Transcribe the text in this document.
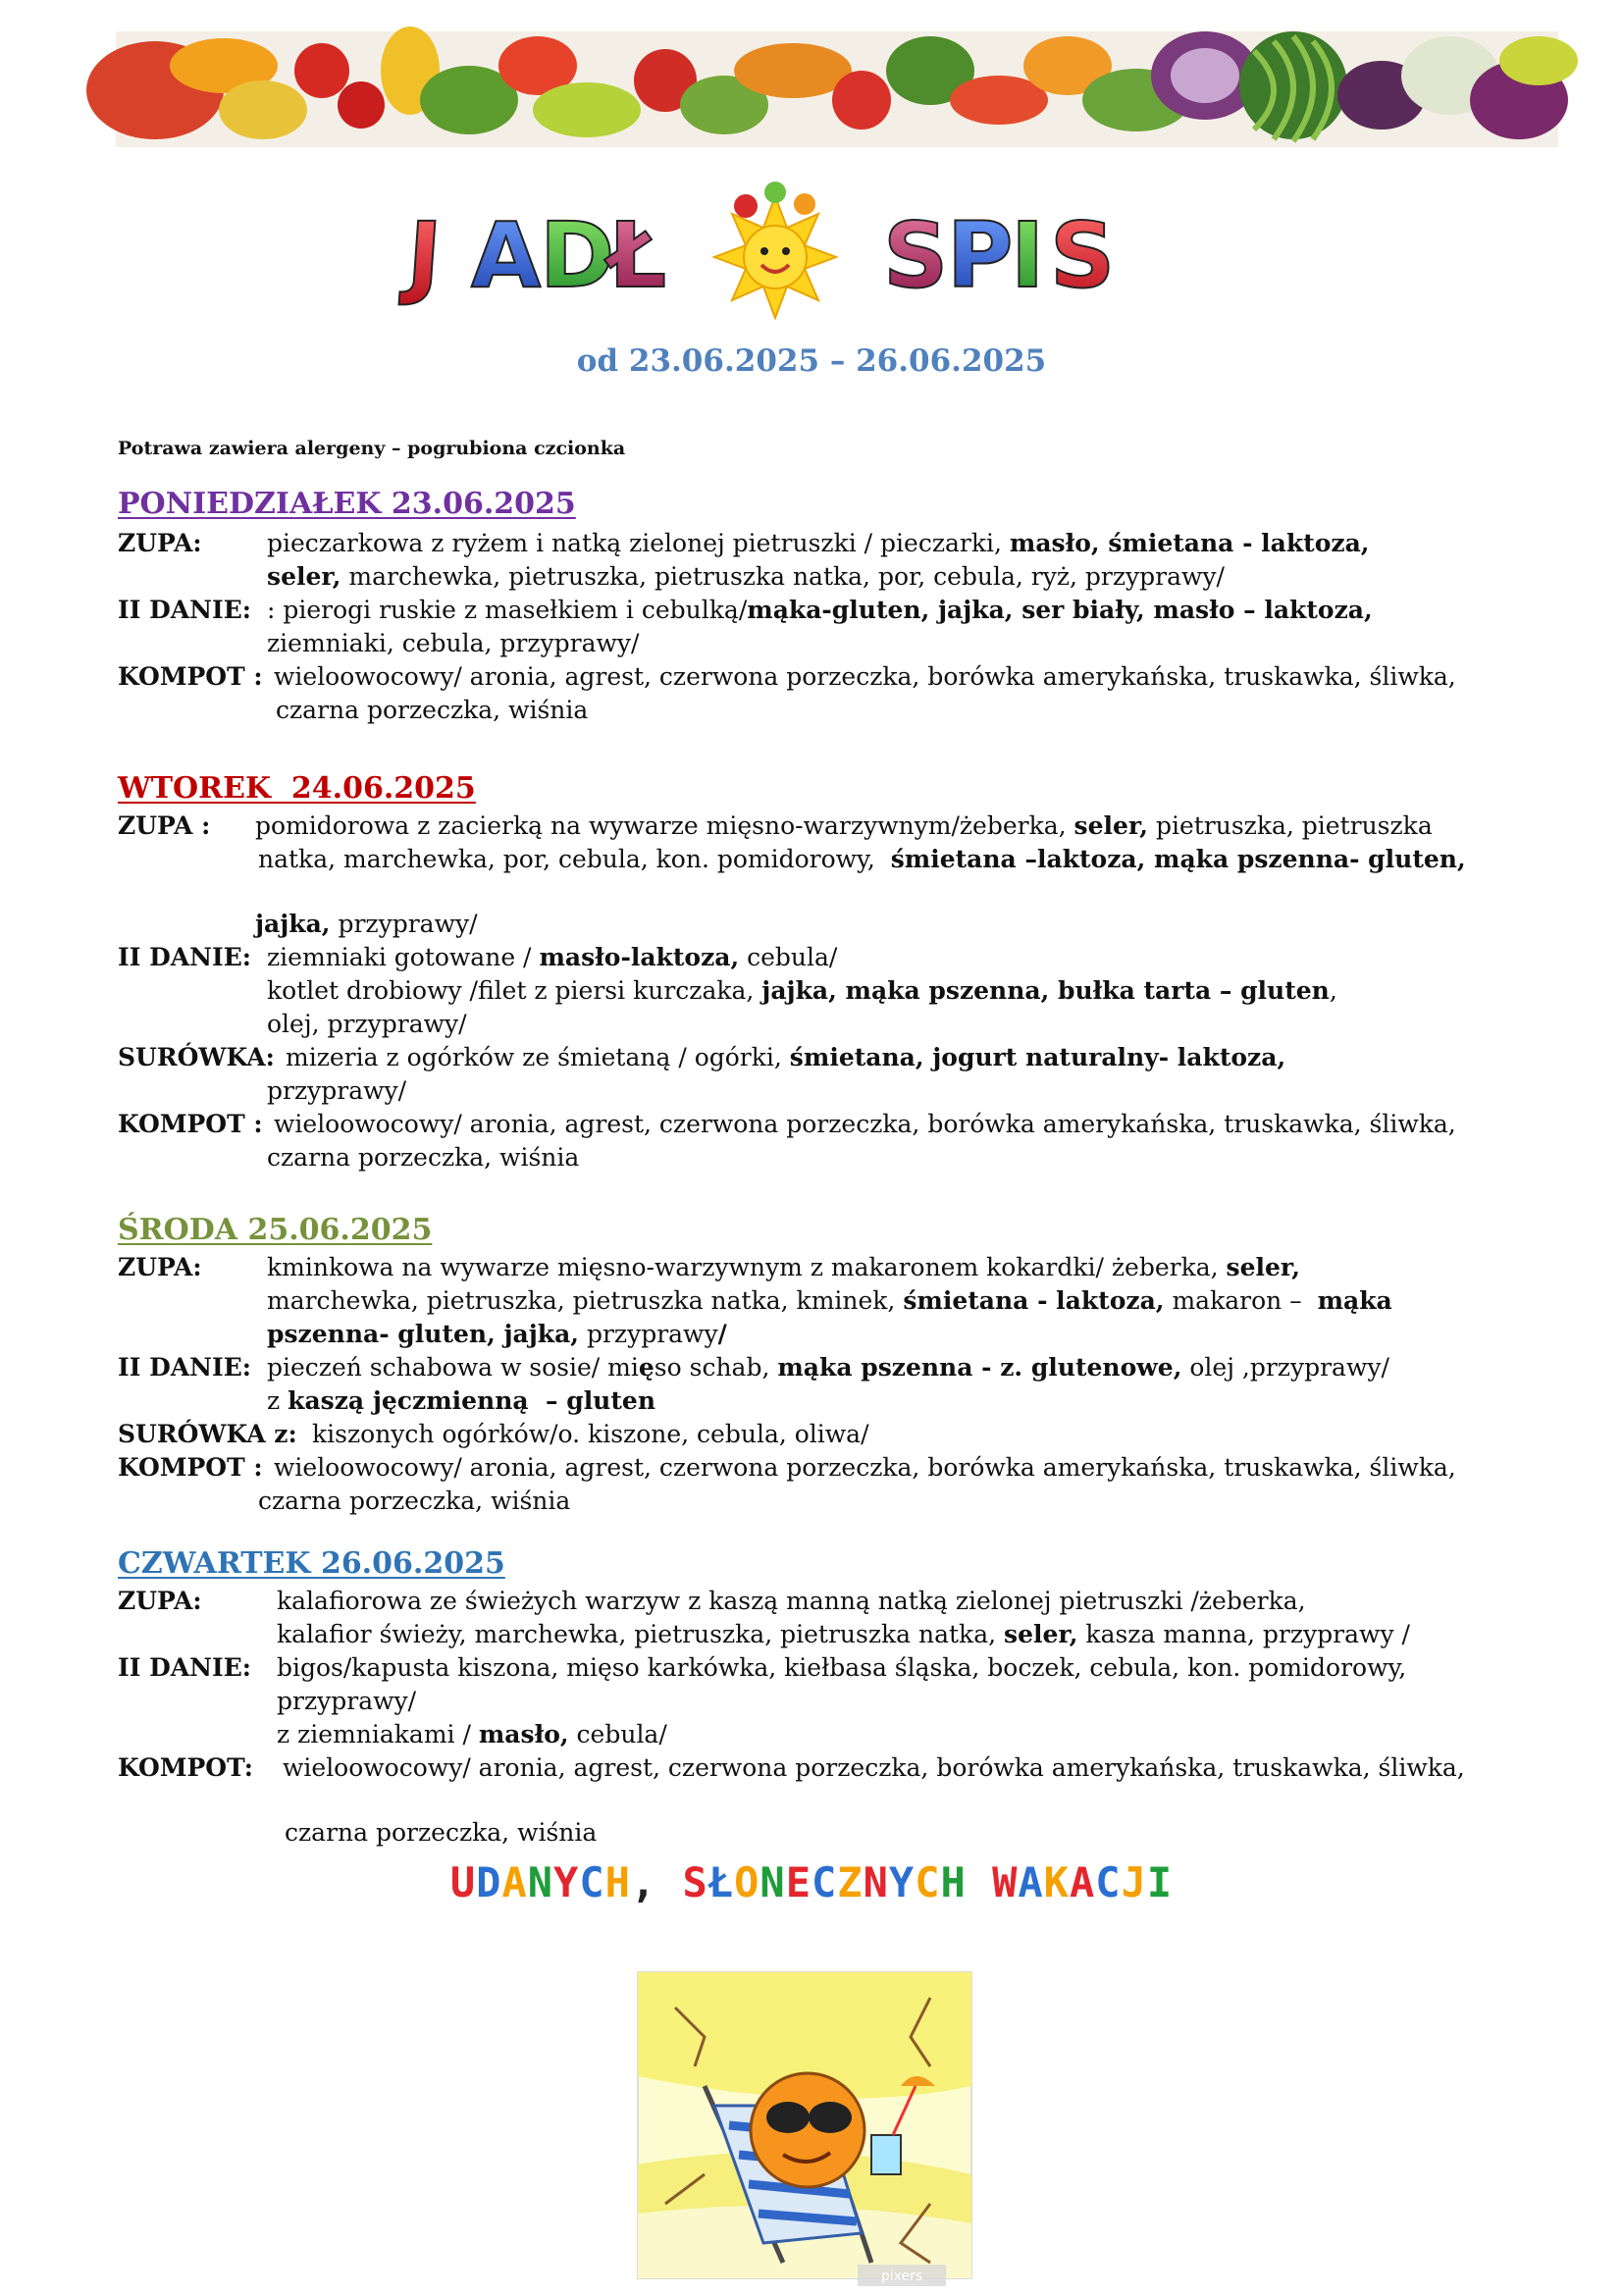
J A
D
Ł S
P
I S
od 23.06.2025 – 26.06.2025
Potrawa zawiera alergeny – pogrubiona czcionka
PONIEDZIAŁEK 23.06.2025
ZUPA:	pieczarkowa z ryżem i natką zielonej pietruszki / pieczarki, masło, śmietana - laktoza,
seler, marchewka, pietruszka, pietruszka natka, por, cebula, ryż, przyprawy/
II DANIE: : pierogi ruskie z masełkiem i cebulką/mąka-gluten, jajka, ser biały, masło – laktoza,
ziemniaki, cebula, przyprawy/
KOMPOT : wieloowocowy/ aronia, agrest, czerwona porzeczka, borówka amerykańska, truskawka, śliwka,
czarna porzeczka, wiśnia
WTOREK  24.06.2025
ZUPA : pomidorowa z zacierką na wywarze mięsno-warzywnym/żeberka, seler, pietruszka, pietruszka
natka, marchewka, por, cebula, kon. pomidorowy,  śmietana –laktoza, mąka pszenna- gluten,
jajka, przyprawy/
II DANIE: ziemniaki gotowane / masło-laktoza, cebula/
kotlet drobiowy /filet z piersi kurczaka, jajka, mąka pszenna, bułka tarta – gluten,
olej, przyprawy/
SURÓWKA: mizeria z ogórków ze śmietaną / ogórki, śmietana, jogurt naturalny- laktoza,
przyprawy/
KOMPOT : wieloowocowy/ aronia, agrest, czerwona porzeczka, borówka amerykańska, truskawka, śliwka,
czarna porzeczka, wiśnia
ŚRODA 25.06.2025
ZUPA:	kminkowa na wywarze mięsno-warzywnym z makaronem kokardki/ żeberka, seler,
marchewka, pietruszka, pietruszka natka, kminek, śmietana - laktoza, makaron –  mąka
pszenna- gluten, jajka, przyprawy/
II DANIE: pieczeń schabowa w sosie/ mięso schab, mąka pszenna - z. glutenowe, olej ,przyprawy/
z kaszą jęczmienną  – gluten
SURÓWKA z: kiszonych ogórków/o. kiszone, cebula, oliwa/
KOMPOT : wieloowocowy/ aronia, agrest, czerwona porzeczka, borówka amerykańska, truskawka, śliwka,
czarna porzeczka, wiśnia
CZWARTEK 26.06.2025
ZUPA:	kalafiorowa ze świeżych warzyw z kaszą manną natką zielonej pietruszki /żeberka,
kalafior świeży, marchewka, pietruszka, pietruszka natka, seler, kasza manna, przyprawy /
II DANIE: bigos/kapusta kiszona, mięso karkówka, kiełbasa śląska, boczek, cebula, kon. pomidorowy,
przyprawy/
z ziemniakami / masło, cebula/
KOMPOT: wieloowocowy/ aronia, agrest, czerwona porzeczka, borówka amerykańska, truskawka, śliwka,
czarna porzeczka, wiśnia
UDANYCH, SŁONECZNYCH WAKACJI
pixers
